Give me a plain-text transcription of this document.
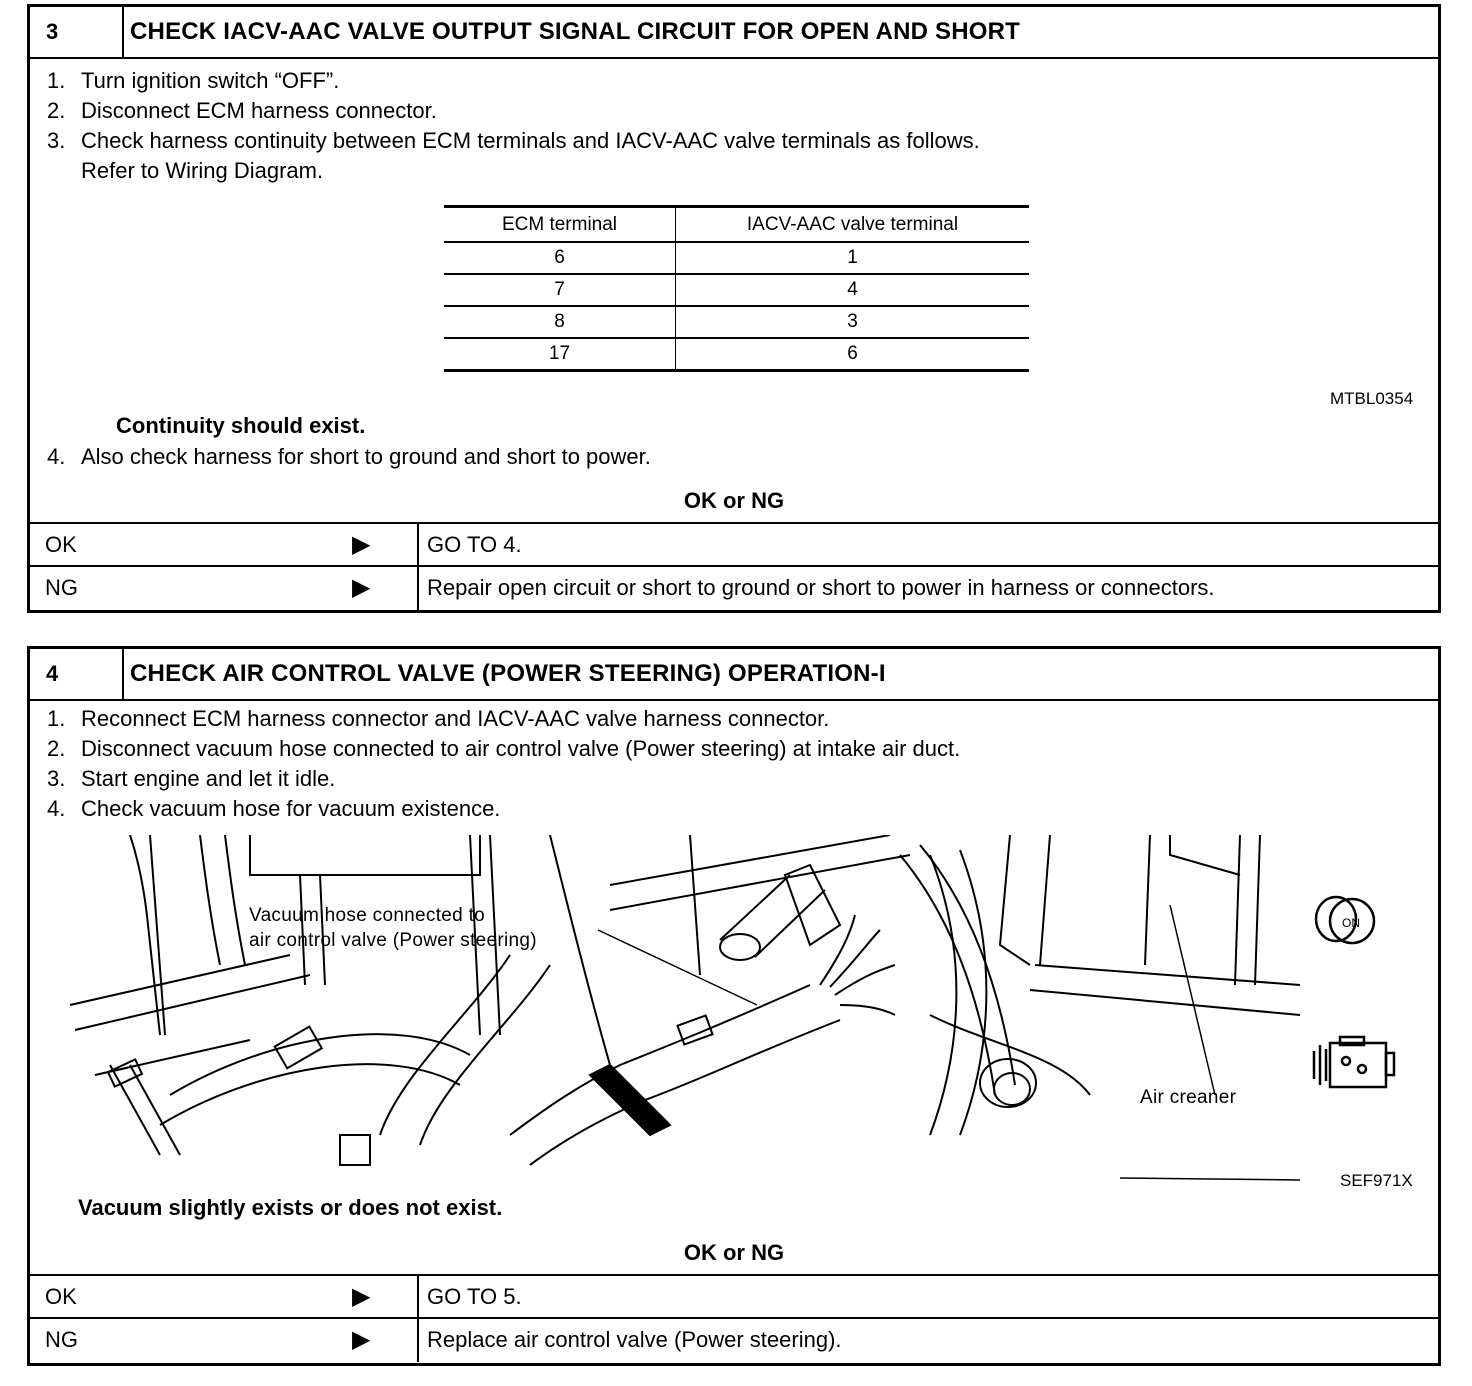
3	CHECK IACV-AAC VALVE OUTPUT SIGNAL CIRCUIT FOR OPEN AND SHORT
1. Turn ignition switch “OFF”.
2. Disconnect ECM harness connector.
3. Check harness continuity between ECM terminals and IACV-AAC valve terminals as follows.
Refer to Wiring Diagram.
ECM terminal	IACV-AAC valve terminal
6	1
7	4
8	3
17	6
MTBL0354
Continuity should exist.
4. Also check harness for short to ground and short to power.
OK or NG
OK	▶	GO TO 4.
NG	▶	Repair open circuit or short to ground or short to power in harness or connectors.
4	CHECK AIR CONTROL VALVE (POWER STEERING) OPERATION-I
1. Reconnect ECM harness connector and IACV-AAC valve harness connector.
2. Disconnect vacuum hose connected to air control valve (Power steering) at intake air duct.
3. Start engine and let it idle.
4. Check vacuum hose for vacuum existence.
Vacuum hose connected to
air control valve (Power steering)
Air creaner
ON
SEF971X
Vacuum slightly exists or does not exist.
OK or NG
OK	▶	GO TO 5.
NG	▶	Replace air control valve (Power steering).
